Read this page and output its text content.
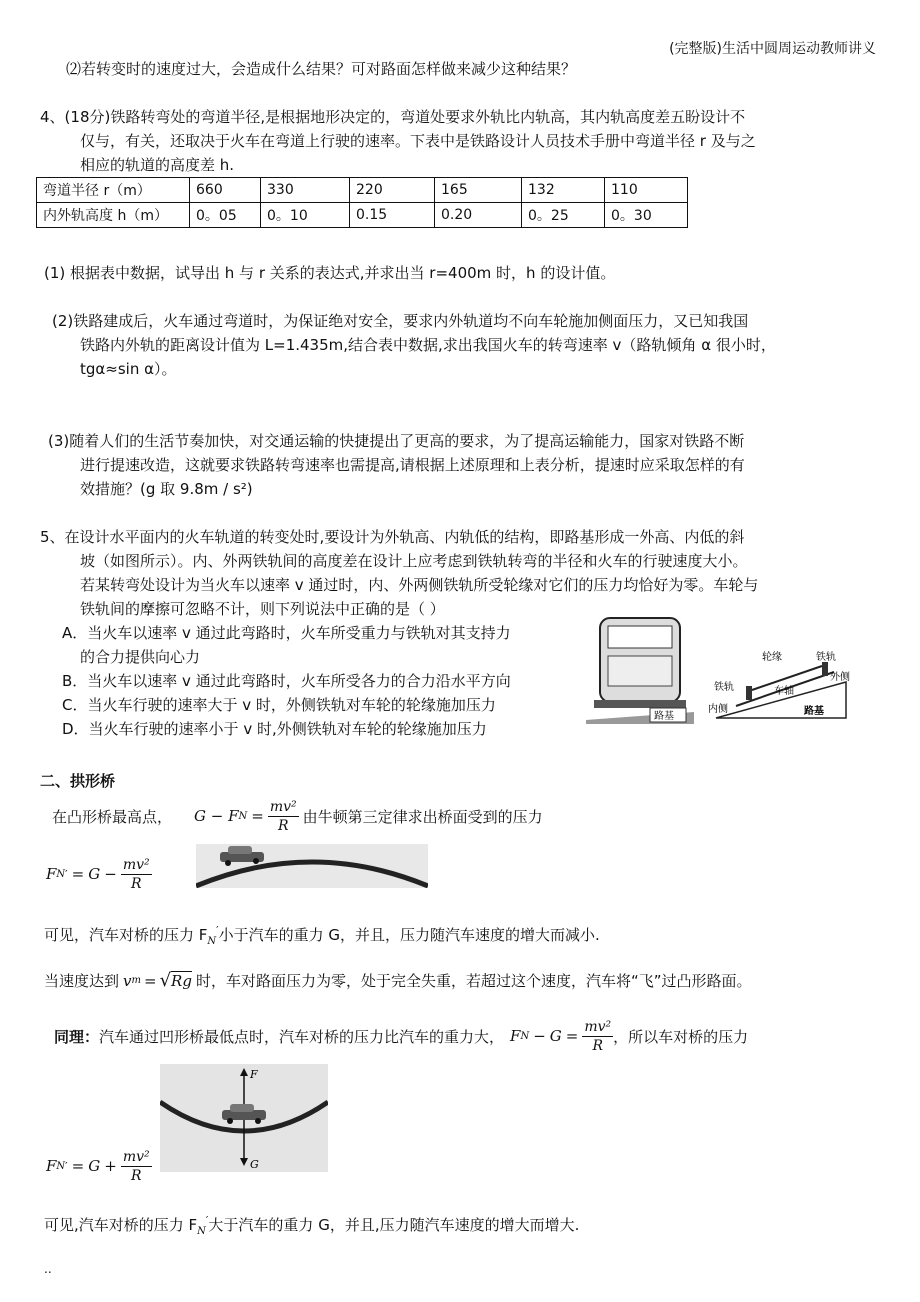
(完整版)生活中圆周运动教师讲义
⑵若转变时的速度过大，会造成什么结果？可对路面怎样做来减少这种结果？
4、(18分)铁路转弯处的弯道半径,是根据地形决定的，弯道处要求外轨比内轨高，其内轨高度差五盼设计不
仅与，有关，还取决于火车在弯道上行驶的速率。下表中是铁路设计人员技术手册中弯道半径 r 及与之
相应的轨道的高度差 h.
弯道半径 r（m）	660	330	220	165	132	110
内外轨高度 h（m）	0。05	0。10	0.15	0.20	0。25	0。30
(1) 根据表中数据，试导出 h 与 r 关系的表达式,并求出当 r=400m 时，h 的设计值。
(2)铁路建成后，火车通过弯道时，为保证绝对安全，要求内外轨道均不向车轮施加侧面压力，又已知我国
铁路内外轨的距离设计值为 L=1.435m,结合表中数据,求出我国火车的转弯速率 v（路轨倾角 α 很小时，
tgα≈sin α）。
(3)随着人们的生活节奏加快，对交通运输的快捷提出了更高的要求，为了提高运输能力，国家对铁路不断
进行提速改造，这就要求铁路转弯速率也需提高,请根据上述原理和上表分析，提速时应采取怎样的有
效措施？(g 取 9.8m / s²)
5、在设计水平面内的火车轨道的转变处时,要设计为外轨高、内轨低的结构，即路基形成一外高、内低的斜
坡（如图所示）。内、外两铁轨间的高度差在设计上应考虑到铁轨转弯的半径和火车的行驶速度大小。
若某转弯处设计为当火车以速率 v 通过时，内、外两侧铁轨所受轮缘对它们的压力均恰好为零。车轮与
铁轨间的摩擦可忽略不计，则下列说法中正确的是（ ）
A．当火车以速率 v 通过此弯路时，火车所受重力与铁轨对其支持力
的合力提供向心力
B．当火车以速率 v 通过此弯路时，火车所受各力的合力沿水平方向
C．当火车行驶的速率大于 v 时，外侧铁轨对车轮的轮缘施加压力
D．当火车行驶的速率小于 v 时,外侧铁轨对车轮的轮缘施加压力
路基
轮缘	铁轨
外侧
铁轨	车轴
内侧	路基
二、拱形桥
在凸形桥最高点， G − F $N = \frac{\text{mv²}}{R}$ 由牛顿第三定律求出桥面受到的压力
F N ′ = $G - \frac{\text{mv²}}{R}$
可见，汽车对桥的压力 $F_N'$小于汽车的重力 G，并且，压力随汽车速度的增大而减小.
当速度达到 v m = √ Rg 时，车对路面压力为零，处于完全失重，若超过这个速度，汽车将“飞”过凸形路面。
同理： 汽车通过凹形桥最低点时，汽车对桥的压力比汽车的重力大， F $N - G = \frac{\text{mv²}}{R}$ ，所以车对桥的压力
F
G
F N ′ = $G + \frac{\text{mv²}}{R}$
可见,汽车对桥的压力 $F_N'$大于汽车的重力 G，并且,压力随汽车速度的增大而增大.
..
